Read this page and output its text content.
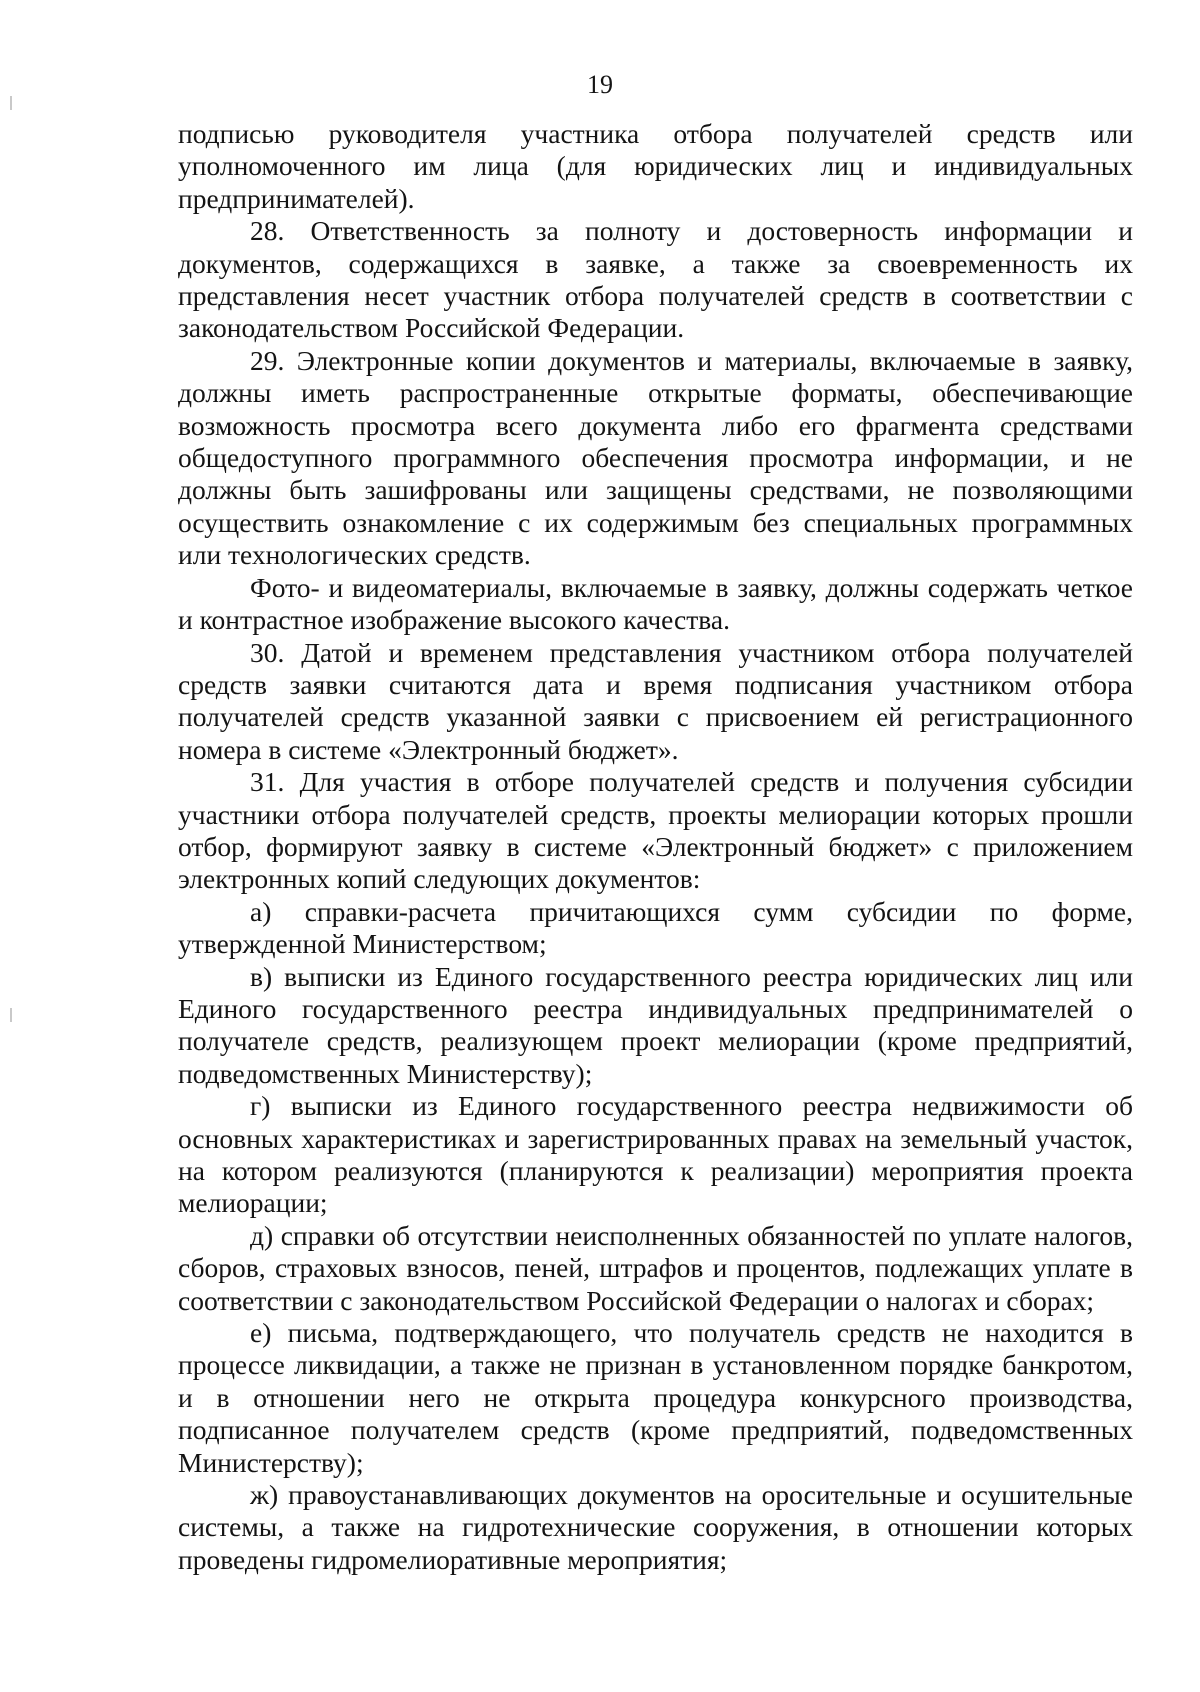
19

подписью руководителя участника отбора получателей средств или уполномоченного им лица (для юридических лиц и индивидуальных предпринимателей).

28. Ответственность за полноту и достоверность информации и документов, содержащихся в заявке, а также за своевременность их представления несет участник отбора получателей средств в соответствии с законодательством Российской Федерации.

29. Электронные копии документов и материалы, включаемые в заявку, должны иметь распространенные открытые форматы, обеспечивающие возможность просмотра всего документа либо его фрагмента средствами общедоступного программного обеспечения просмотра информации, и не должны быть зашифрованы или защищены средствами, не позволяющими осуществить ознакомление с их содержимым без специальных программных или технологических средств.

Фото- и видеоматериалы, включаемые в заявку, должны содержать четкое и контрастное изображение высокого качества.

30. Датой и временем представления участником отбора получателей средств заявки считаются дата и время подписания участником отбора получателей средств указанной заявки с присвоением ей регистрационного номера в системе «Электронный бюджет».

31. Для участия в отборе получателей средств и получения субсидии участники отбора получателей средств, проекты мелиорации которых прошли отбор, формируют заявку в системе «Электронный бюджет» с приложением электронных копий следующих документов:

а) справки-расчета причитающихся сумм субсидии по форме, утвержденной Министерством;

в) выписки из Единого государственного реестра юридических лиц или Единого государственного реестра индивидуальных предпринимателей о получателе средств, реализующем проект мелиорации (кроме предприятий, подведомственных Министерству);

г) выписки из Единого государственного реестра недвижимости об основных характеристиках и зарегистрированных правах на земельный участок, на котором реализуются (планируются к реализации) мероприятия проекта мелиорации;

д) справки об отсутствии неисполненных обязанностей по уплате налогов, сборов, страховых взносов, пеней, штрафов и процентов, подлежащих уплате в соответствии с законодательством Российской Федерации о налогах и сборах;

е) письма, подтверждающего, что получатель средств не находится в процессе ликвидации, а также не признан в установленном порядке банкротом, и в отношении него не открыта процедура конкурсного производства, подписанное получателем средств (кроме предприятий, подведомственных Министерству);

ж) правоустанавливающих документов на оросительные и осушительные системы, а также на гидротехнические сооружения, в отношении которых проведены гидромелиоративные мероприятия;
